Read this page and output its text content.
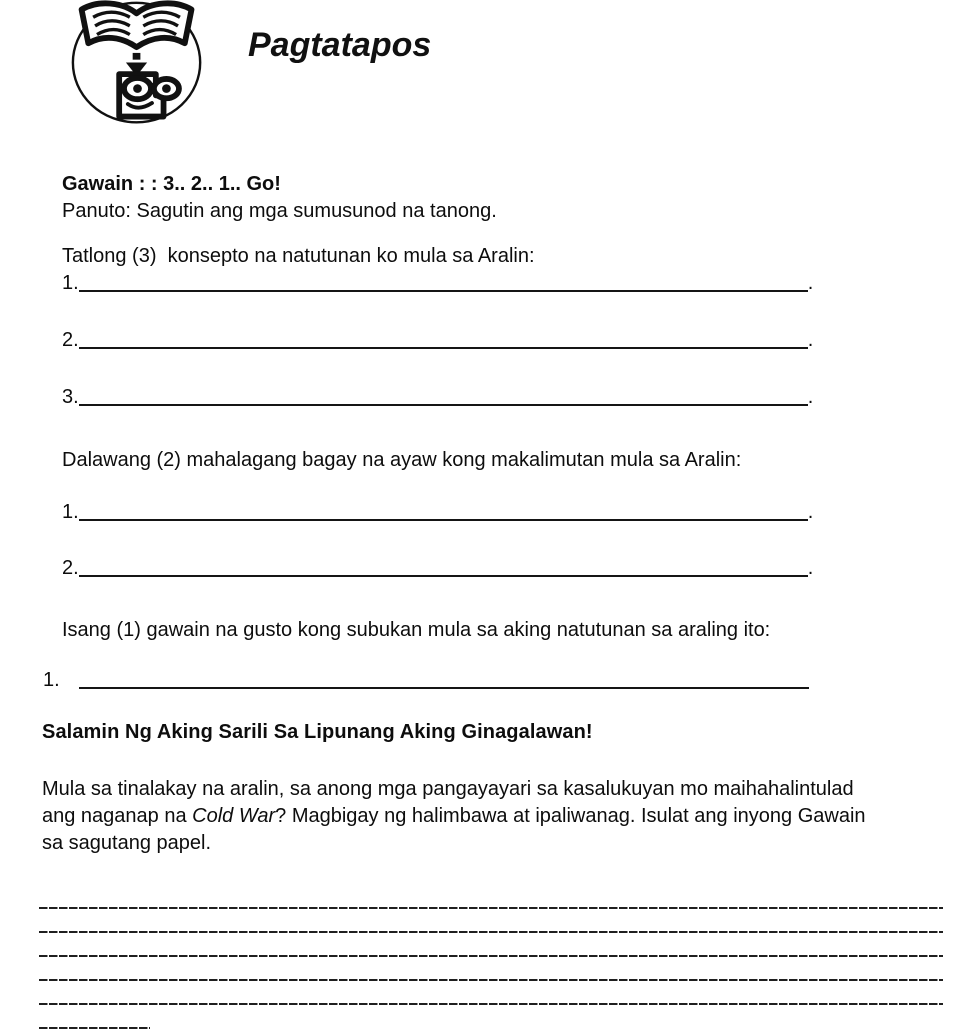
Pagtatapos

Gawain : : 3.. 2.. 1.. Go!

Panuto: Sagutin ang mga sumusunod na tanong.

Tatlong (3)  konsepto na natutunan ko mula sa Aralin:

1.	.
2.	.
3.	.

Dalawang (2) mahalagang bagay na ayaw kong makalimutan mula sa Aralin:

1.	.
2.	.

Isang (1) gawain na gusto kong subukan mula sa aking natutunan sa araling ito:

1.
Salamin Ng Aking Sarili Sa Lipunang Aking Ginagalawan!

Mula sa tinalakay na aralin, sa anong mga pangayayari sa kasalukuyan mo maihahalintulad
ang naganap na Cold War? Magbigay ng halimbawa at ipaliwanag. Isulat ang inyong Gawain
sa sagutang papel.
